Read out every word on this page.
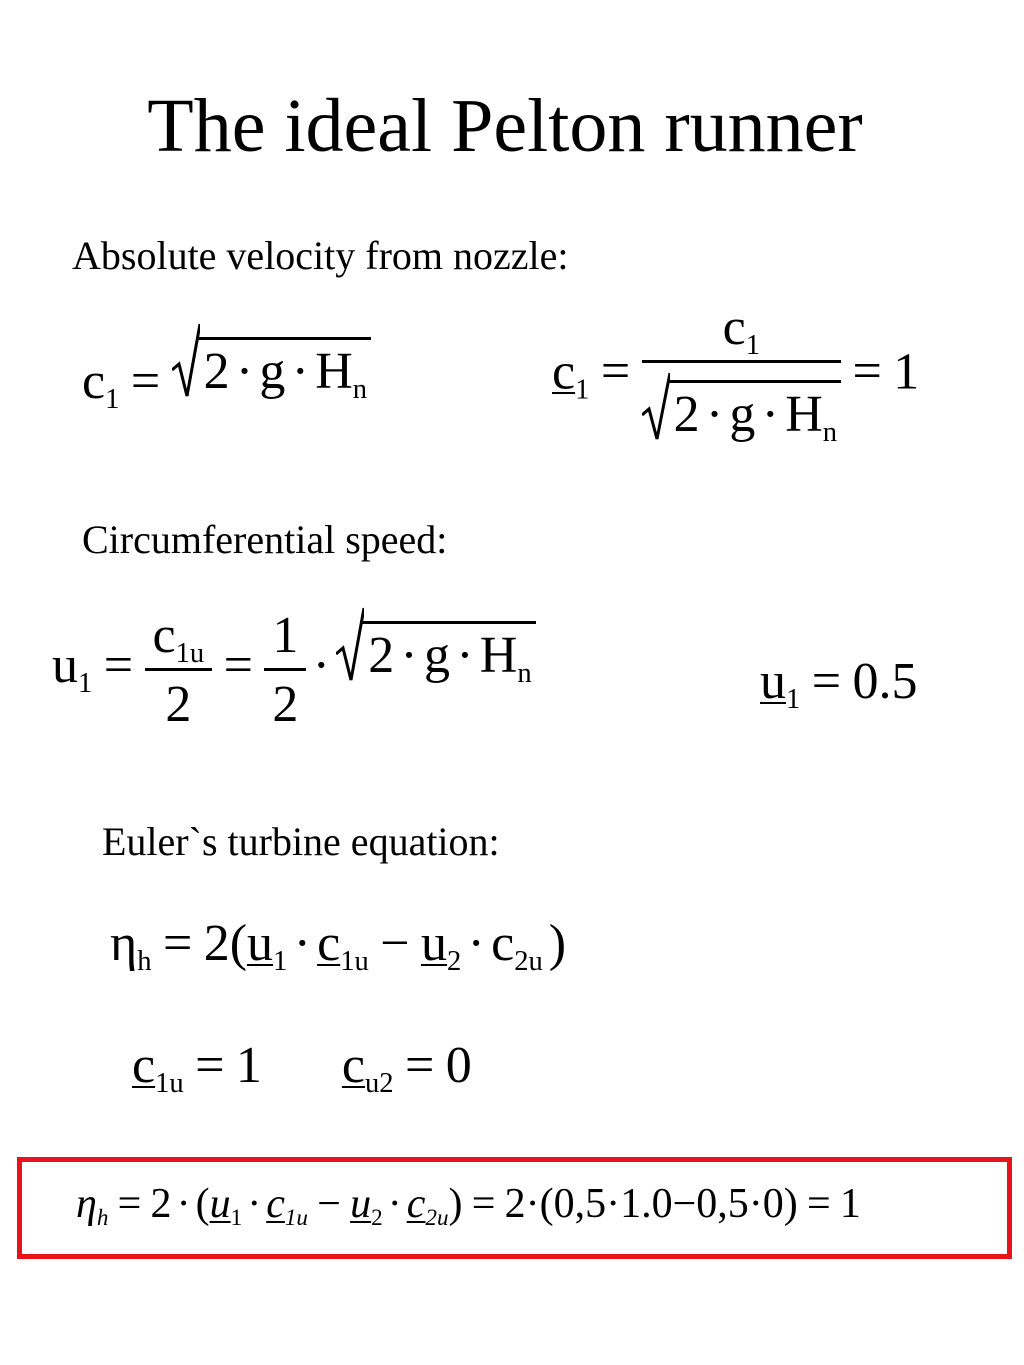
The ideal Pelton runner
Absolute velocity from nozzle:
$c_1 = 2 \cdot g \cdot H_n$	$c_1 = \frac{c_1}{2 \cdot g \cdot H_n} = 1$
Circumferential speed:
$u_1 = \frac{c_{1u}}{2} = \frac{1}{2} \cdot 2 \cdot g \cdot H_n$	$u_1 = 0.5$
Euler`s turbine equation:
$\eta_h = 2(u_1 \cdot c_{1u} - u_2 \cdot c_{2u}$ )
$c_{1u} = 1$ $c_{u2} = 0$
$\eta_h = 2 \cdot (u_1 \cdot c_{1u} - u_2 \cdot c_{2u}) = 2\cdot(0,5\cdot 1.0-0,5\cdot 0) = 1$
